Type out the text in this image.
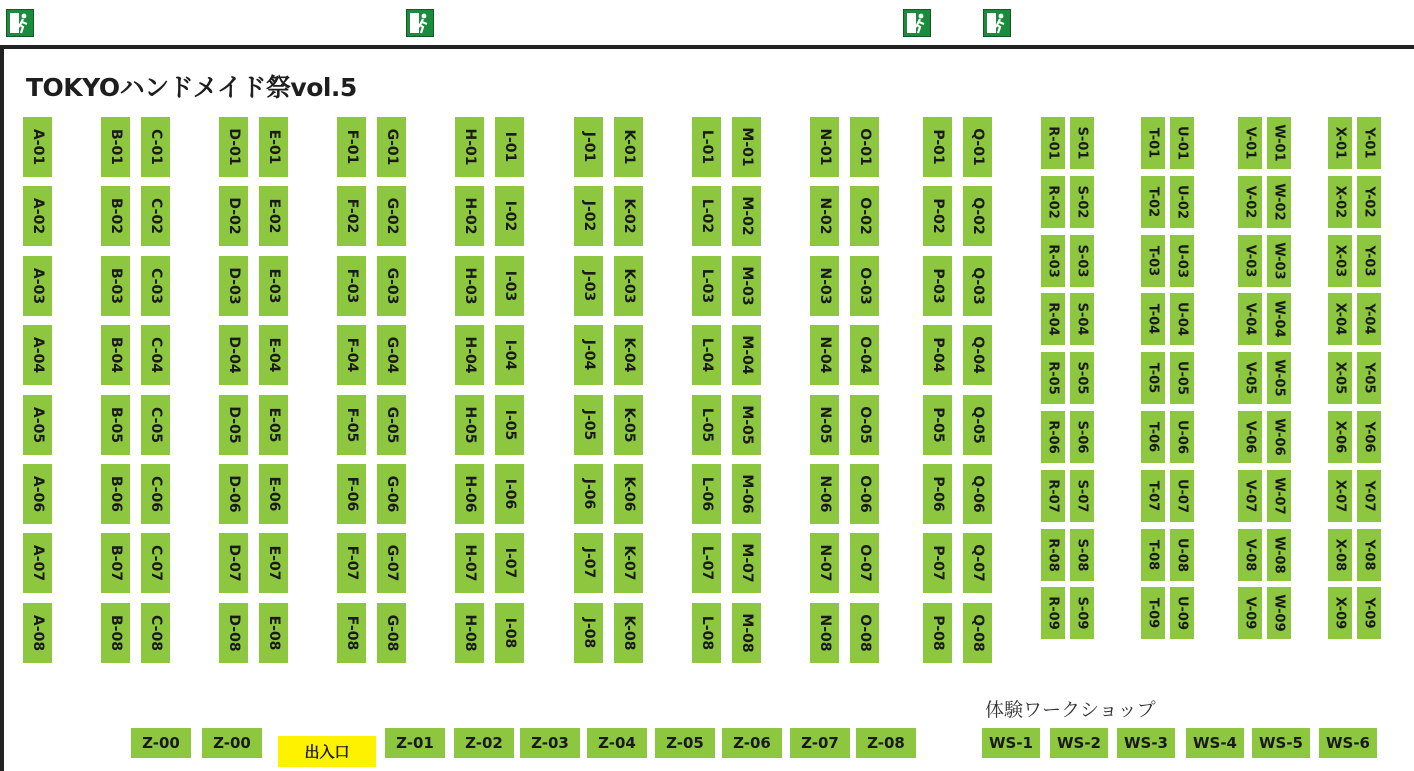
TOKYOハンドメイド祭vol.5
A-01
A-02
A-03
A-04
A-05
A-06
A-07
A-08
B-01
B-02
B-03
B-04
B-05
B-06
B-07
B-08
C-01
C-02
C-03
C-04
C-05
C-06
C-07
C-08
D-01
D-02
D-03
D-04
D-05
D-06
D-07
D-08
E-01
E-02
E-03
E-04
E-05
E-06
E-07
E-08
F-01
F-02
F-03
F-04
F-05
F-06
F-07
F-08
G-01
G-02
G-03
G-04
G-05
G-06
G-07
G-08
H-01
H-02
H-03
H-04
H-05
H-06
H-07
H-08
I-01
I-02
I-03
I-04
I-05
I-06
I-07
I-08
J-01
J-02
J-03
J-04
J-05
J-06
J-07
J-08
K-01
K-02
K-03
K-04
K-05
K-06
K-07
K-08
L-01
L-02
L-03
L-04
L-05
L-06
L-07
L-08
M-01
M-02
M-03
M-04
M-05
M-06
M-07
M-08
N-01
N-02
N-03
N-04
N-05
N-06
N-07
N-08
O-01
O-02
O-03
O-04
O-05
O-06
O-07
O-08
P-01
P-02
P-03
P-04
P-05
P-06
P-07
P-08
Q-01
Q-02
Q-03
Q-04
Q-05
Q-06
Q-07
Q-08
R-01
R-02
R-03
R-04
R-05
R-06
R-07
R-08
R-09
S-01
S-02
S-03
S-04
S-05
S-06
S-07
S-08
S-09
T-01
T-02
T-03
T-04
T-05
T-06
T-07
T-08
T-09
U-01
U-02
U-03
U-04
U-05
U-06
U-07
U-08
U-09
V-01
V-02
V-03
V-04
V-05
V-06
V-07
V-08
V-09
W-01
W-02
W-03
W-04
W-05
W-06
W-07
W-08
W-09
X-01
X-02
X-03
X-04
X-05
X-06
X-07
X-08
X-09
Y-01
Y-02
Y-03
Y-04
Y-05
Y-06
Y-07
Y-08
Y-09
出入口
体験ワークショップ
Z-00	Z-00	Z-01	Z-02	Z-03	Z-04	Z-05	Z-06	Z-07	Z-08	WS-1	WS-2	WS-3	WS-4	WS-5	WS-6
